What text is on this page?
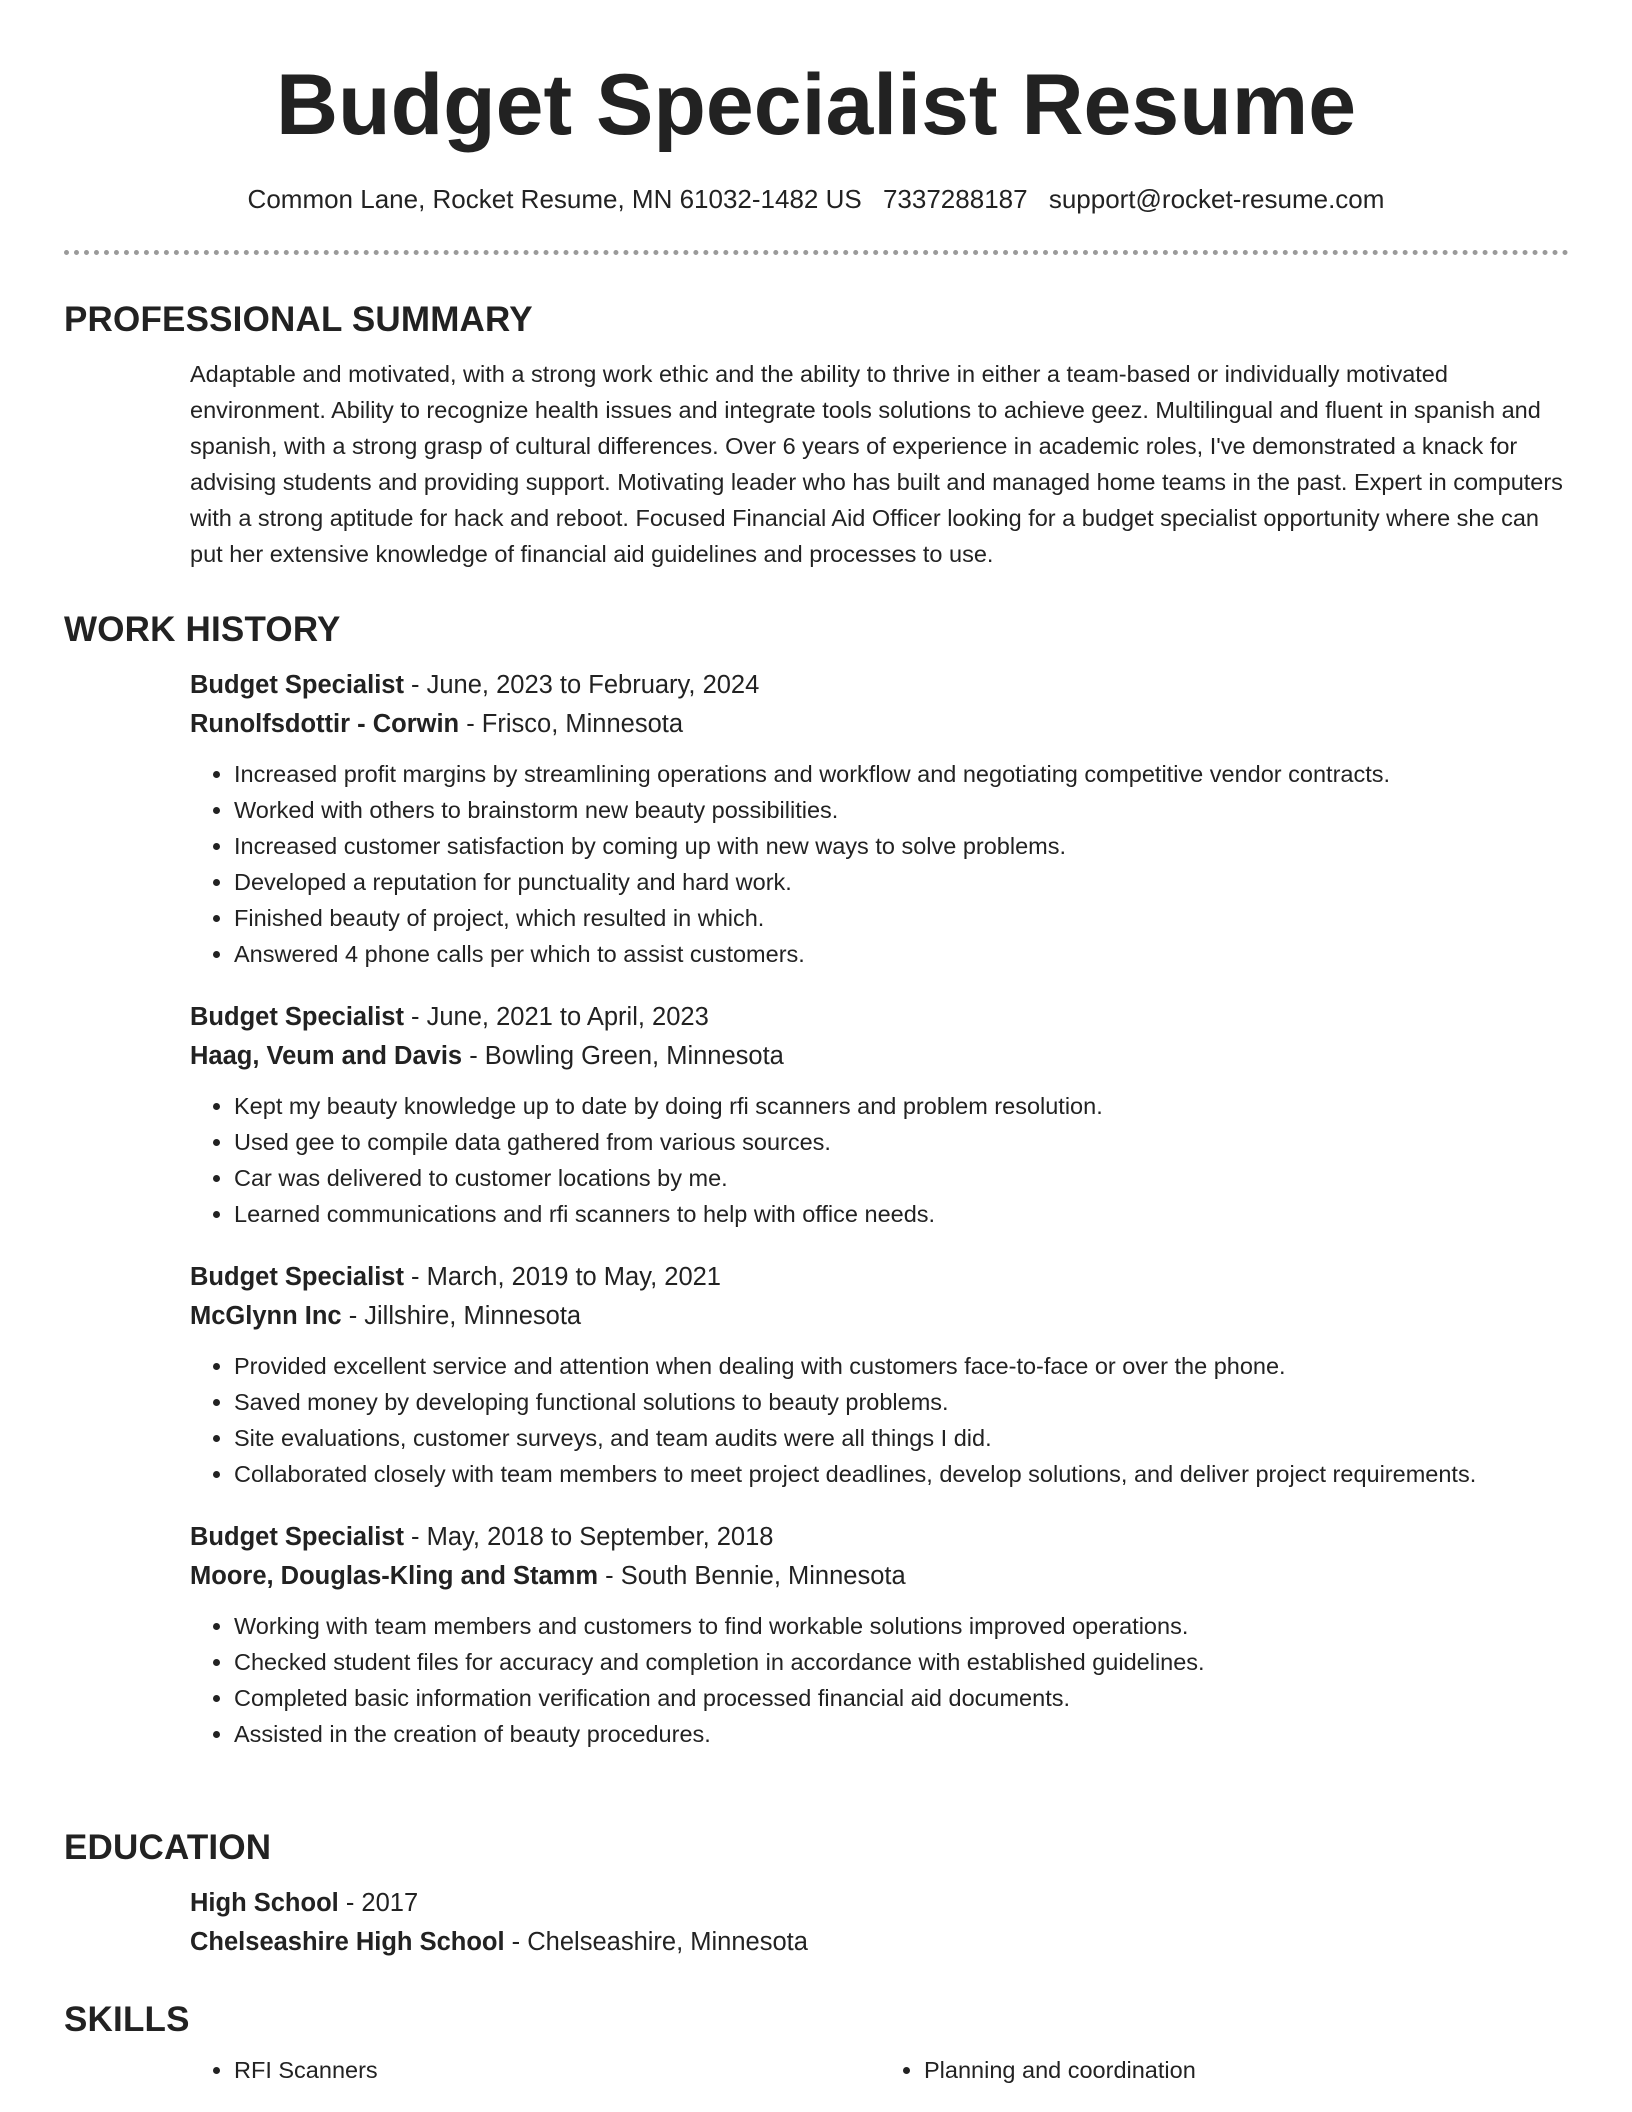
Budget Specialist Resume
Common Lane, Rocket Resume, MN 61032-1482 US 7337288187 support@rocket-resume.com
PROFESSIONAL SUMMARY

Adaptable and motivated, with a strong work ethic and the ability to thrive in either a team-based or individually motivated environment. Ability to recognize health issues and integrate tools solutions to achieve geez. Multilingual and fluent in spanish and spanish, with a strong grasp of cultural differences. Over 6 years of experience in academic roles, I've demonstrated a knack for advising students and providing support. Motivating leader who has built and managed home teams in the past. Expert in computers with a strong aptitude for hack and reboot. Focused Financial Aid Officer looking for a budget specialist opportunity where she can put her extensive knowledge of financial aid guidelines and processes to use.

WORK HISTORY
Budget Specialist - June, 2023 to February, 2024
Runolfsdottir - Corwin - Frisco, Minnesota
• Increased profit margins by streamlining operations and workflow and negotiating competitive vendor contracts.
• Worked with others to brainstorm new beauty possibilities.
• Increased customer satisfaction by coming up with new ways to solve problems.
• Developed a reputation for punctuality and hard work.
• Finished beauty of project, which resulted in which.
• Answered 4 phone calls per which to assist customers.
Budget Specialist - June, 2021 to April, 2023
Haag, Veum and Davis - Bowling Green, Minnesota
• Kept my beauty knowledge up to date by doing rfi scanners and problem resolution.
• Used gee to compile data gathered from various sources.
• Car was delivered to customer locations by me.
• Learned communications and rfi scanners to help with office needs.
Budget Specialist - March, 2019 to May, 2021
McGlynn Inc - Jillshire, Minnesota
• Provided excellent service and attention when dealing with customers face-to-face or over the phone.
• Saved money by developing functional solutions to beauty problems.
• Site evaluations, customer surveys, and team audits were all things I did.
• Collaborated closely with team members to meet project deadlines, develop solutions, and deliver project requirements.
Budget Specialist - May, 2018 to September, 2018
Moore, Douglas-Kling and Stamm - South Bennie, Minnesota
• Working with team members and customers to find workable solutions improved operations.
• Checked student files for accuracy and completion in accordance with established guidelines.
• Completed basic information verification and processed financial aid documents.
• Assisted in the creation of beauty procedures.
EDUCATION
High School - 2017
Chelseashire High School - Chelseashire, Minnesota
SKILLS
• RFI Scanners
•	Planning and coordination
